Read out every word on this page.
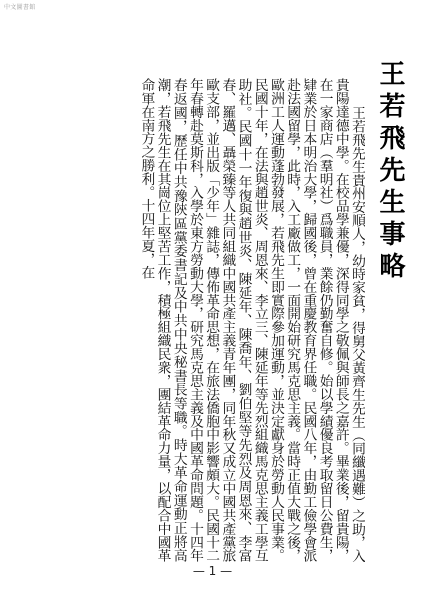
中文圖書館
王若飛先生事略

王若飛先生貴州安順人，幼時家貧，得舅父黃齊生先生（同纖遇難）之助，入貴陽達德中學。在校品學兼優，深得同學之敬佩與師長之嘉許。畢業後，留貴陽，在一家商店（羣明社）爲職員，業餘仍勤奮自修。始以學績優良考取留日公費生，肄業於日本明治大學，歸國後，曾在重慶教育界任職。民國八年，由勤工儉學會派赴法國留學，此時，入工廠做工，一面開始研究馬克思主義。當時正值大戰之後，歐洲工人運動蓬勃發展，若飛先生即實際參加運動，並決定獻身於勞動人民事業。民國十年，在法與趙世炎、周恩來、李立三、陳延年等先烈組織馬克思主義工學互助社。民國十一年復與趙世炎、陳延年、陳喬年、劉伯堅等先烈及周恩來、李富春、羅邁、聶榮臻等人共同組織中國共產主義青年團，同年秋又成立中國共產黨旅歐支部，並出版「少年」雜誌，傳佈革命思想，在旅法僑胞中影響頗大。民國十二年春轉赴莫斯科，入學於東方勞動大學，研究馬克思主義及中國革命問題。十四年春返國，歷任中共豫陝區黨委書記及中共中央秘書長等職。時大革命運動正將高潮，若飛先生在其崗位上堅苦工作，積極組織民衆，團結革命力量，以配合中國革命軍在南方之勝利。十四年夏，在

— 1 —
